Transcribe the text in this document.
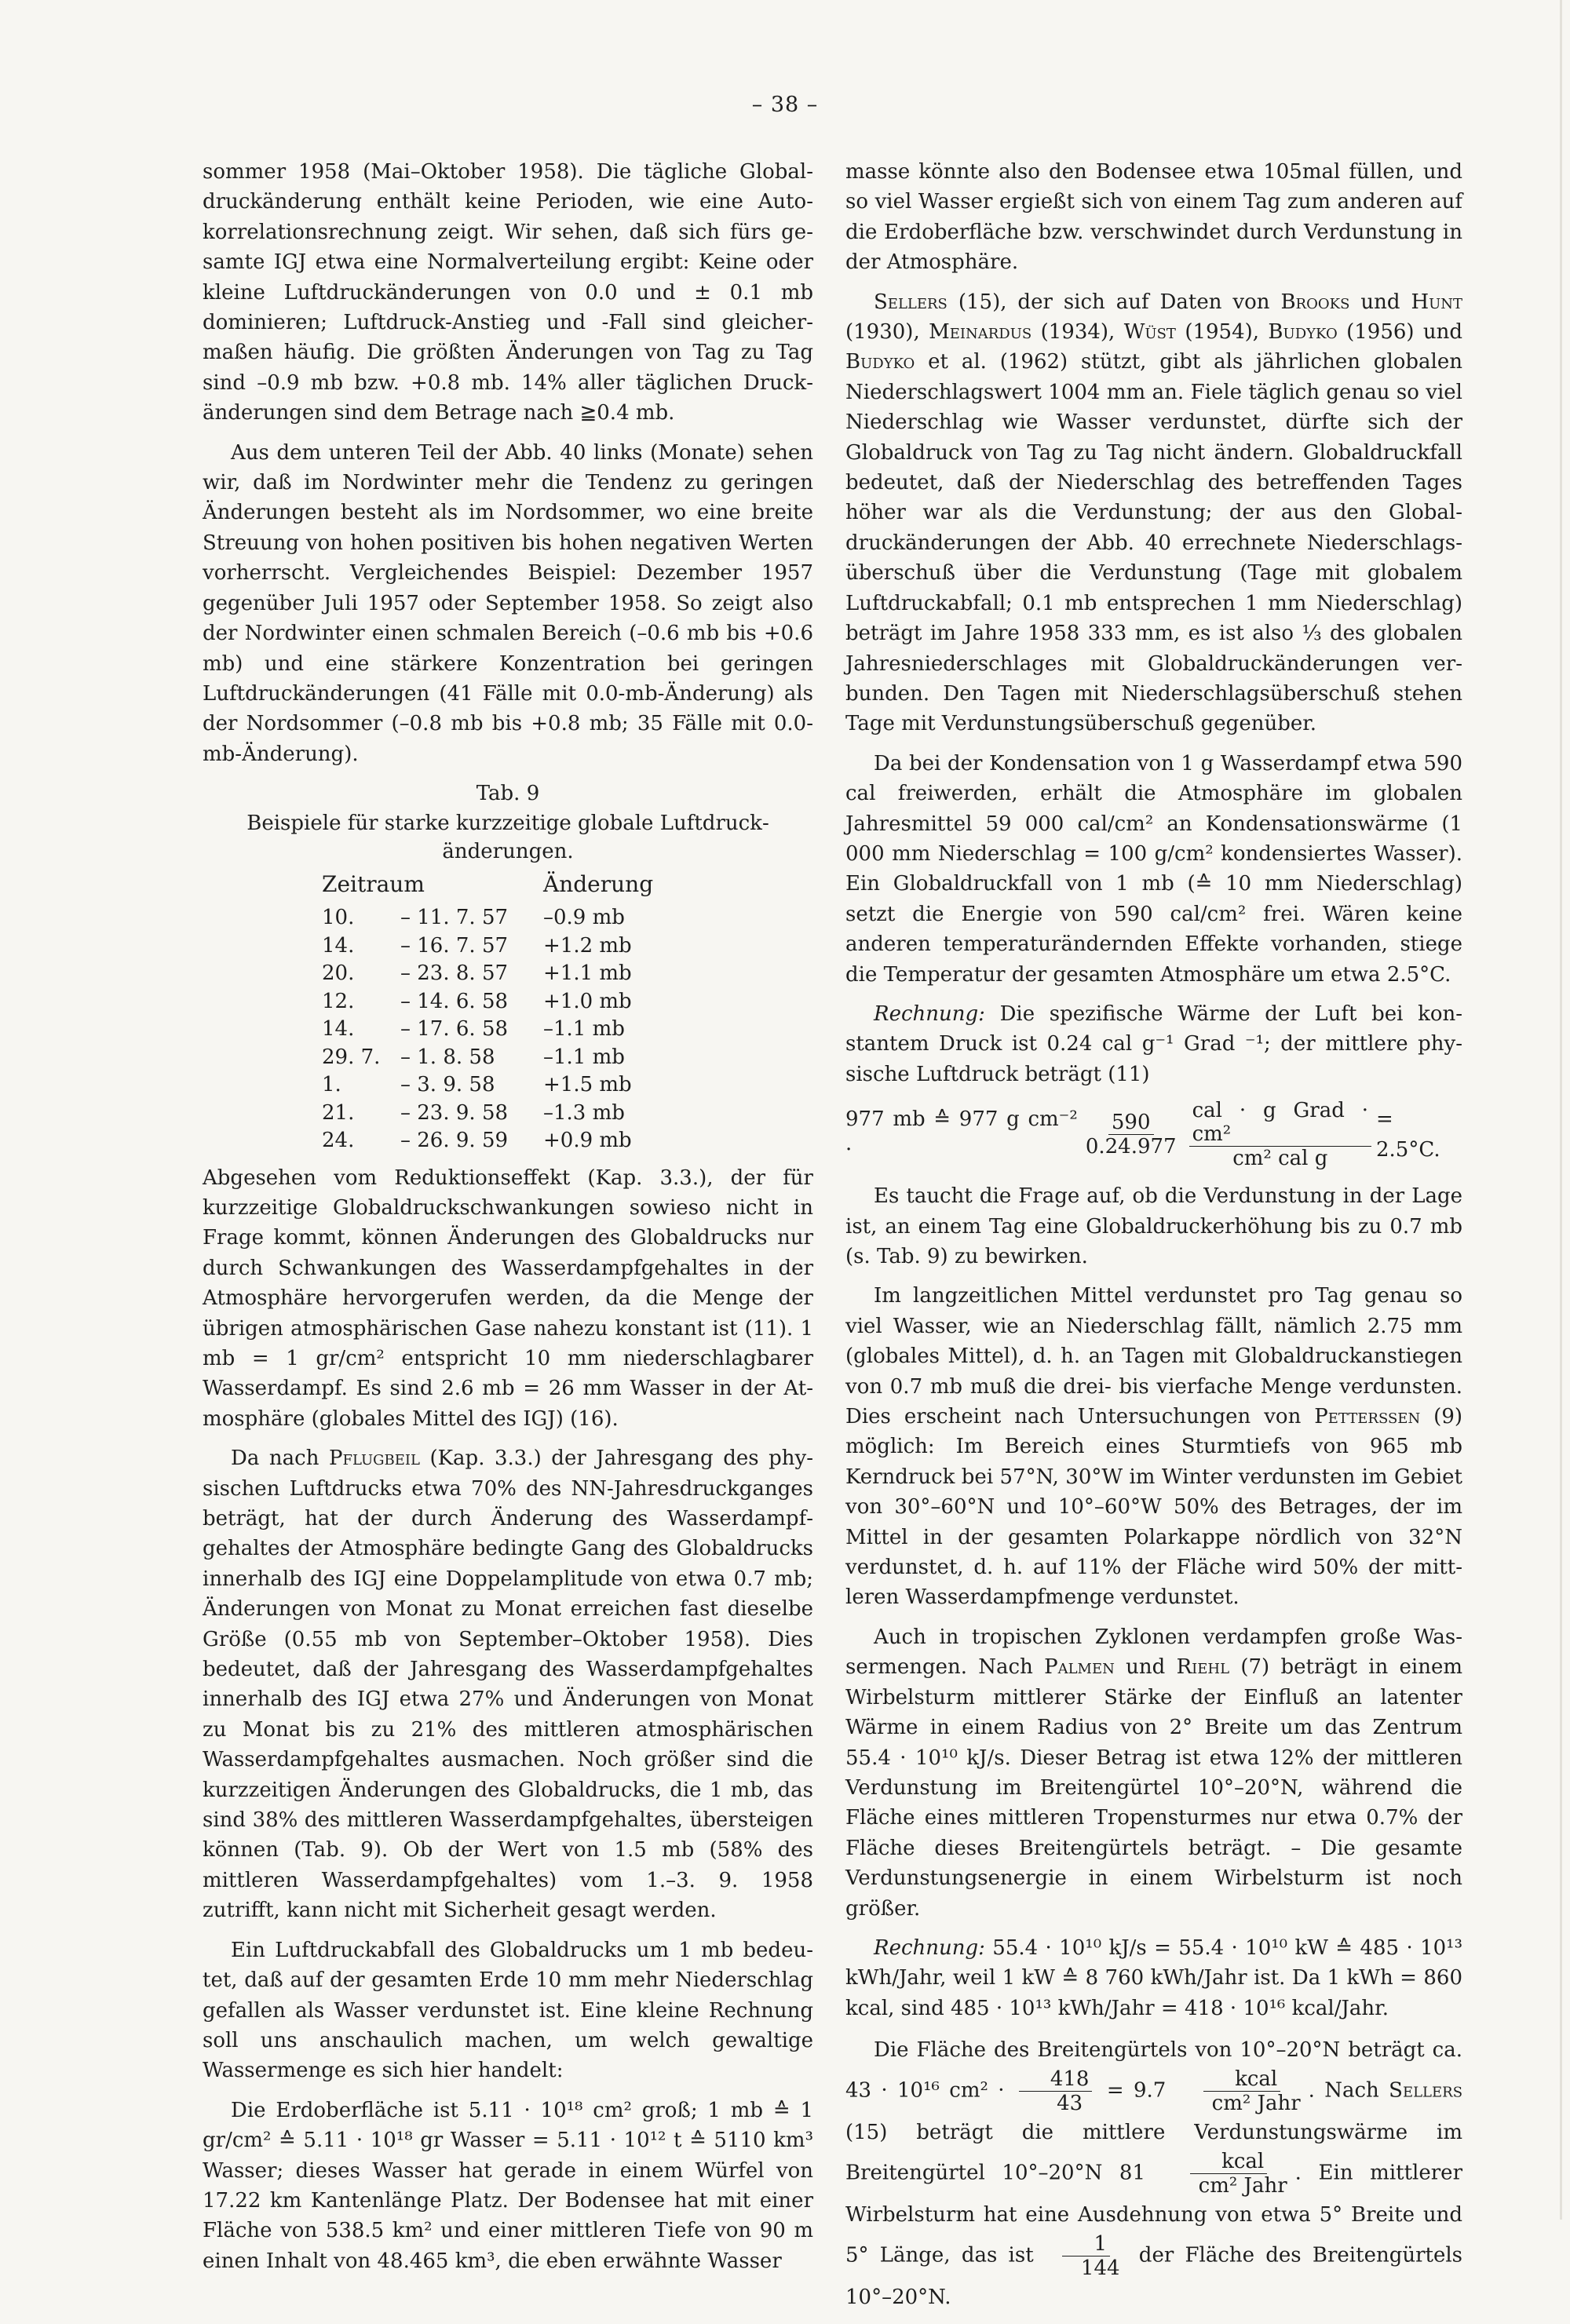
– 38 –

sommer 1958 (Mai–Oktober 1958). Die tägliche Globaldruckänderung enthält keine Perioden, wie eine Autokorrelationsrechnung zeigt. Wir sehen, daß sich fürs gesamte IGJ etwa eine Normalverteilung ergibt: Keine oder kleine Luftdruckänderungen von 0.0 und ± 0.1 mb dominieren; Luftdruck-Anstieg und -Fall sind gleichermaßen häufig. Die größten Änderungen von Tag zu Tag sind –0.9 mb bzw. +0.8 mb. 14% aller täglichen Druckänderungen sind dem Betrage nach ≧0.4 mb.

Aus dem unteren Teil der Abb. 40 links (Monate) sehen wir, daß im Nordwinter mehr die Tendenz zu geringen Änderungen besteht als im Nordsommer, wo eine breite Streuung von hohen positiven bis hohen negativen Werten vorherrscht. Vergleichendes Beispiel: Dezember 1957 gegenüber Juli 1957 oder September 1958. So zeigt also der Nordwinter einen schmalen Bereich (–0.6 mb bis +0.6 mb) und eine stärkere Konzentration bei geringen Luftdruckänderungen (41 Fälle mit 0.0-mb-Änderung) als der Nordsommer (–0.8 mb bis +0.8 mb; 35 Fälle mit 0.0-mb-Änderung).

Tab. 9
Beispiele für starke kurzzeitige globale Luftdruckänderungen.
Zeitraum		Änderung
10.	– 11. 7. 57	–0.9 mb
14.	– 16. 7. 57	+1.2 mb
20.	– 23. 8. 57	+1.1 mb
12.	– 14. 6. 58	+1.0 mb
14.	– 17. 6. 58	–1.1 mb
29. 7.	– 1. 8. 58	–1.1 mb
1.	– 3. 9. 58	+1.5 mb
21.	– 23. 9. 58	–1.3 mb
24.	– 26. 9. 59	+0.9 mb

Abgesehen vom Reduktionseffekt (Kap. 3.3.), der für kurzzeitige Globaldruckschwankungen sowieso nicht in Frage kommt, können Änderungen des Globaldrucks nur durch Schwankungen des Wasserdampfgehaltes in der Atmosphäre hervorgerufen werden, da die Menge der übrigen atmosphärischen Gase nahezu konstant ist (11). 1 mb = 1 gr/cm² entspricht 10 mm niederschlagbarer Wasserdampf. Es sind 2.6 mb = 26 mm Wasser in der Atmosphäre (globales Mittel des IGJ) (16).

Da nach Pflugbeil (Kap. 3.3.) der Jahresgang des physischen Luftdrucks etwa 70% des NN-Jahresdruckganges beträgt, hat der durch Änderung des Wasserdampfgehaltes der Atmosphäre bedingte Gang des Globaldrucks innerhalb des IGJ eine Doppelamplitude von etwa 0.7 mb; Änderungen von Monat zu Monat erreichen fast dieselbe Größe (0.55 mb von September–Oktober 1958). Dies bedeutet, daß der Jahresgang des Wasserdampfgehaltes innerhalb des IGJ etwa 27% und Änderungen von Monat zu Monat bis zu 21% des mittleren atmosphärischen Wasserdampfgehaltes ausmachen. Noch größer sind die kurzzeitigen Änderungen des Globaldrucks, die 1 mb, das sind 38% des mittleren Wasserdampfgehaltes, übersteigen können (Tab. 9). Ob der Wert von 1.5 mb (58% des mittleren Wasserdampfgehaltes) vom 1.–3. 9. 1958 zutrifft, kann nicht mit Sicherheit gesagt werden.

Ein Luftdruckabfall des Globaldrucks um 1 mb bedeutet, daß auf der gesamten Erde 10 mm mehr Niederschlag gefallen als Wasser verdunstet ist. Eine kleine Rechnung soll uns anschaulich machen, um welch gewaltige Wassermenge es sich hier handelt:

Die Erdoberfläche ist 5.11 · 10¹⁸ cm² groß; 1 mb ≙ 1 gr/cm² ≙ 5.11 · 10¹⁸ gr Wasser = 5.11 · 10¹² t ≙ 5110 km³ Wasser; dieses Wasser hat gerade in einem Würfel von 17.22 km Kantenlänge Platz. Der Bodensee hat mit einer Fläche von 538.5 km² und einer mittleren Tiefe von 90 m einen Inhalt von 48.465 km³, die eben erwähnte Wasser

masse könnte also den Bodensee etwa 105mal füllen, und so viel Wasser ergießt sich von einem Tag zum anderen auf die Erdoberfläche bzw. verschwindet durch Verdunstung in der Atmosphäre.

Sellers (15), der sich auf Daten von Brooks und Hunt (1930), Meinardus (1934), Wüst (1954), Budyko (1956) und Budyko et al. (1962) stützt, gibt als jährlichen globalen Niederschlagswert 1004 mm an. Fiele täglich genau so viel Niederschlag wie Wasser verdunstet, dürfte sich der Globaldruck von Tag zu Tag nicht ändern. Globaldruckfall bedeutet, daß der Niederschlag des betreffenden Tages höher war als die Verdunstung; der aus den Globaldruckänderungen der Abb. 40 errechnete Niederschlagsüberschuß über die Verdunstung (Tage mit globalem Luftdruckabfall; 0.1 mb entsprechen 1 mm Niederschlag) beträgt im Jahre 1958 333 mm, es ist also ⅓ des globalen Jahresniederschlages mit Globaldruckänderungen verbunden. Den Tagen mit Niederschlagsüberschuß stehen Tage mit Verdunstungsüberschuß gegenüber.

Da bei der Kondensation von 1 g Wasserdampf etwa 590 cal freiwerden, erhält die Atmosphäre im globalen Jahresmittel 59 000 cal/cm² an Kondensationswärme (1 000 mm Niederschlag = 100 g/cm² kondensiertes Wasser). Ein Globaldruckfall von 1 mb (≙ 10 mm Niederschlag) setzt die Energie von 590 cal/cm² frei. Wären keine anderen temperaturändernden Effekte vorhanden, stiege die Temperatur der gesamten Atmosphäre um etwa 2.5°C.

Rechnung: Die spezifische Wärme der Luft bei konstantem Druck ist 0.24 cal g⁻¹ Grad ⁻¹; der mittlere physische Luftdruck beträgt (11)

977 mb ≙ 977 g cm⁻² ·	$\frac{590}{0.24.977} \frac{\text{cal · g Grad · cm²}}{\text{cm² cal g}} = 2.5^\circ C$.

Es taucht die Frage auf, ob die Verdunstung in der Lage ist, an einem Tag eine Globaldruckerhöhung bis zu 0.7 mb (s. Tab. 9) zu bewirken.

Im langzeitlichen Mittel verdunstet pro Tag genau so viel Wasser, wie an Niederschlag fällt, nämlich 2.75 mm (globales Mittel), d. h. an Tagen mit Globaldruckanstiegen von 0.7 mb muß die drei- bis vierfache Menge verdunsten. Dies erscheint nach Untersuchungen von Petterssen (9) möglich: Im Bereich eines Sturmtiefs von 965 mb Kerndruck bei 57°N, 30°W im Winter verdunsten im Gebiet von 30°–60°N und 10°–60°W 50% des Betrages, der im Mittel in der gesamten Polarkappe nördlich von 32°N verdunstet, d. h. auf 11% der Fläche wird 50% der mittleren Wasserdampfmenge verdunstet.

Auch in tropischen Zyklonen verdampfen große Wassermengen. Nach Palmen und Riehl (7) beträgt in einem Wirbelsturm mittlerer Stärke der Einfluß an latenter Wärme in einem Radius von 2° Breite um das Zentrum 55.4 · 10¹⁰ kJ/s. Dieser Betrag ist etwa 12% der mittleren Verdunstung im Breitengürtel 10°–20°N, während die Fläche eines mittleren Tropensturmes nur etwa 0.7% der Fläche dieses Breitengürtels beträgt. – Die gesamte Verdunstungsenergie in einem Wirbelsturm ist noch größer.

Rechnung: 55.4 · 10¹⁰ kJ/s = 55.4 · 10¹⁰ kW ≙ 485 · 10¹³ kWh/Jahr, weil 1 kW ≙ 8 760 kWh/Jahr ist. Da 1 kWh = 860 kcal, sind 485 · 10¹³ kWh/Jahr = 418 · 10¹⁶ kcal/Jahr.

Die Fläche des Breitengürtels von 10°–20°N beträgt ca. 43 · 10¹⁶ $cm^2 \cdot \frac{418}{43} = 9.7 \frac{\text{kcal}}{\text{cm² Jahr}}$ . Nach Sellers (15) beträgt die mittlere Verdunstungswärme im Breitengürtel 10°–20°N $81 \frac{\text{kcal}}{\text{cm² Jahr}}$ . Ein mittlerer Wirbelsturm hat eine Ausdehnung von etwa 5° Breite und 5° Länge, das ist $\frac{1}{144}$ der Fläche des Breitengürtels 10°–20°N.
